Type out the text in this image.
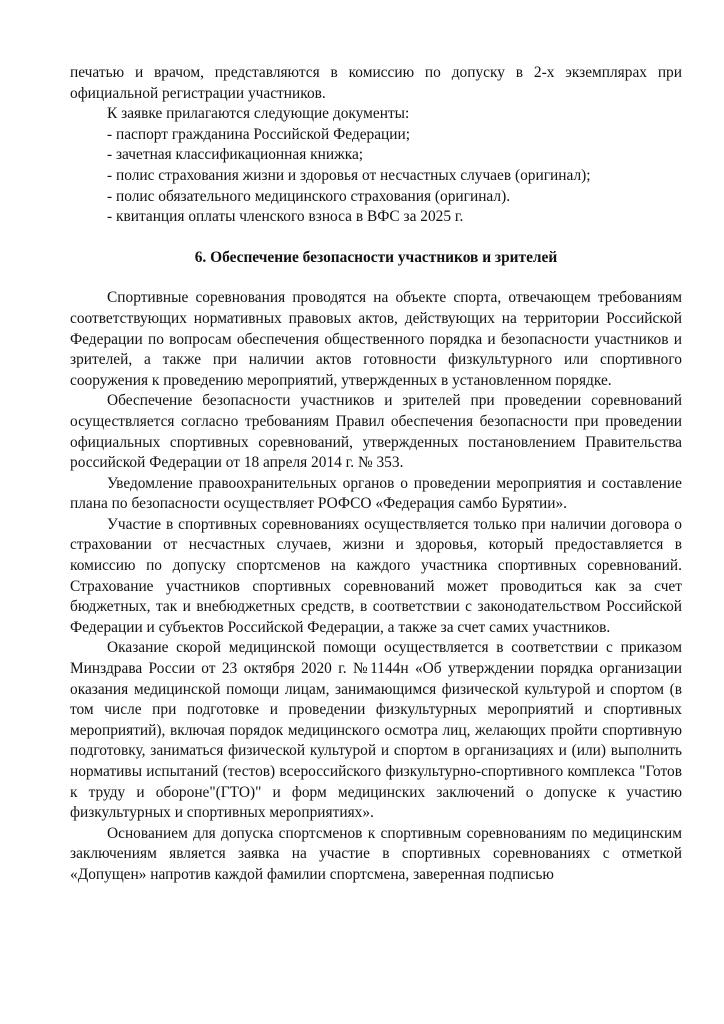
печатью и врачом, представляются в комиссию по допуску в 2-х экземплярах при официальной регистрации участников.

К заявке прилагаются следующие документы:

- паспорт гражданина Российской Федерации;

- зачетная классификационная книжка;

- полис страхования жизни и здоровья от несчастных случаев (оригинал);

- полис обязательного медицинского страхования (оригинал).

- квитанция оплаты членского взноса в ВФС за 2025 г.

6. Обеспечение безопасности участников и зрителей

Спортивные соревнования проводятся на объекте спорта, отвечающем требованиям соответствующих нормативных правовых актов, действующих на территории Российской Федерации по вопросам обеспечения общественного порядка и безопасности участников и зрителей, а также при наличии актов готовности физкультурного или спортивного сооружения к проведению мероприятий, утвержденных в установленном порядке.

Обеспечение безопасности участников и зрителей при проведении соревнований осуществляется согласно требованиям Правил обеспечения безопасности при проведении официальных спортивных соревнований, утвержденных постановлением Правительства российской Федерации от 18 апреля 2014 г. № 353.

Уведомление правоохранительных органов о проведении мероприятия и составление плана по безопасности осуществляет РОФСО «Федерация самбо Бурятии».

Участие в спортивных соревнованиях осуществляется только при наличии договора о страховании от несчастных случаев, жизни и здоровья, который предоставляется в комиссию по допуску спортсменов на каждого участника спортивных соревнований. Страхование участников спортивных соревнований может проводиться как за счет бюджетных, так и внебюджетных средств, в соответствии с законодательством Российской Федерации и субъектов Российской Федерации, а также за счет самих участников.

Оказание скорой медицинской помощи осуществляется в соответствии с приказом Минздрава России от 23 октября 2020 г. №1144н «Об утверждении порядка организации оказания медицинской помощи лицам, занимающимся физической культурой и спортом (в том числе при подготовке и проведении физкультурных мероприятий и спортивных мероприятий), включая порядок медицинского осмотра лиц, желающих пройти спортивную подготовку, заниматься физической культурой и спортом в организациях и (или) выполнить нормативы испытаний (тестов) всероссийского физкультурно-спортивного комплекса "Готов к труду и обороне"(ГТО)" и форм медицинских заключений о допуске к участию физкультурных и спортивных мероприятиях».

Основанием для допуска спортсменов к спортивным соревнованиям по медицинским заключениям является заявка на участие в спортивных соревнованиях с отметкой «Допущен» напротив каждой фамилии спортсмена, заверенная подписью
